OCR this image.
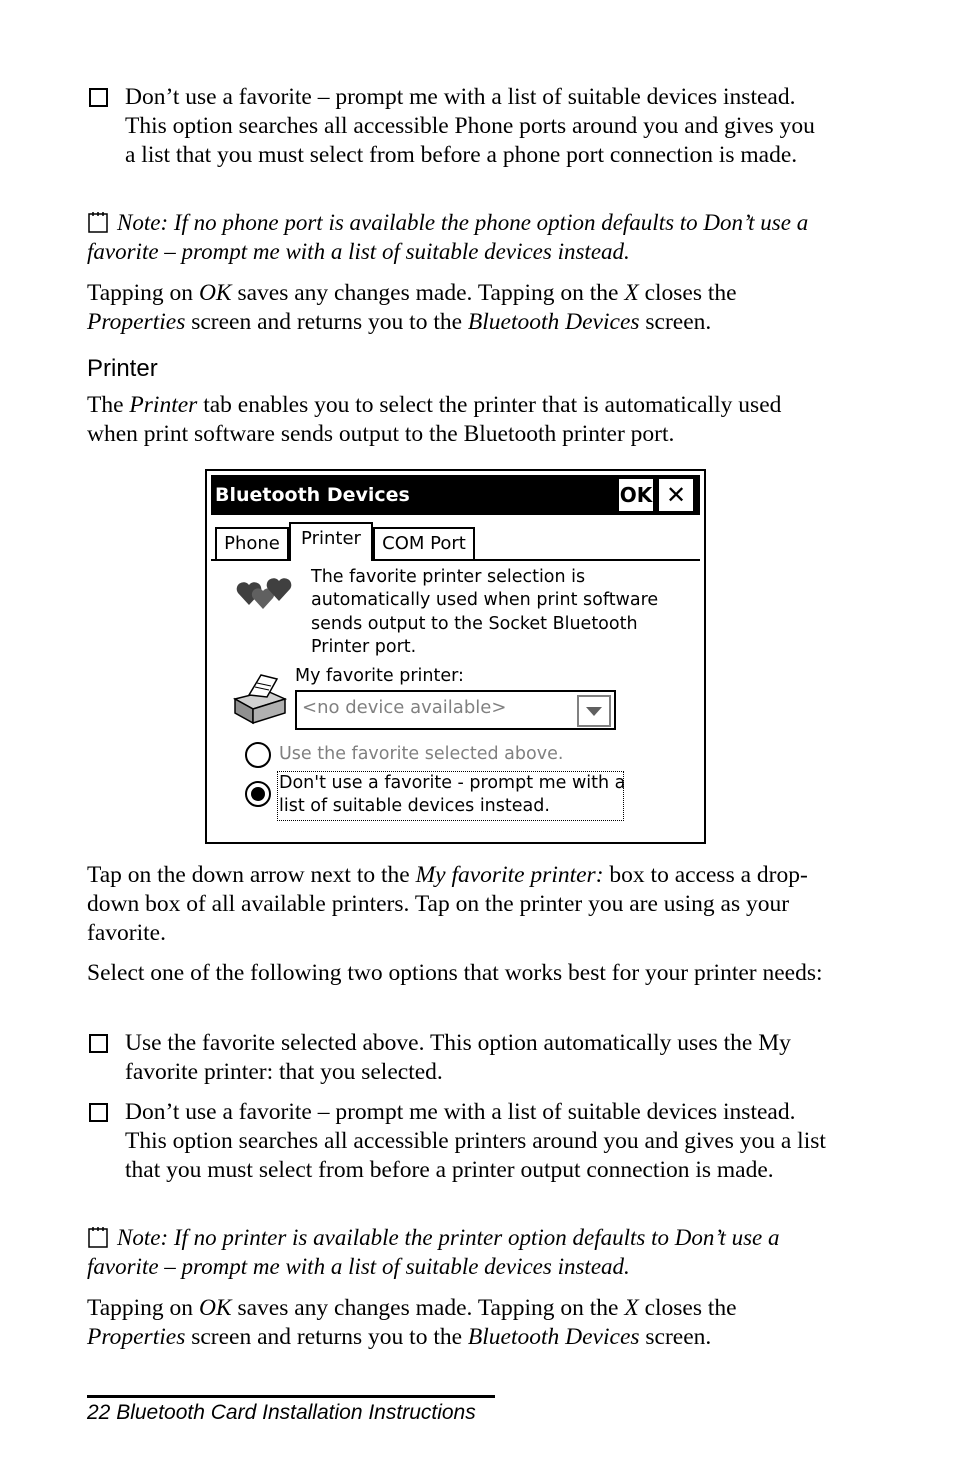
Don’t use a favorite – prompt me with a list of suitable devices instead. This option searches all accessible Phone ports around you and gives you a list that you must select from before a phone port connection is made.
Note: If no phone port is available the phone option defaults to Don’t use a favorite – prompt me with a list of suitable devices instead.

Tapping on OK saves any changes made. Tapping on the X closes the Properties screen and returns you to the Bluetooth Devices screen.

Printer

The Printer tab enables you to select the printer that is automatically used when print software sends output to the Bluetooth printer port.

Bluetooth Devices	OK ✕
Phone	Printer	COM Port
The favorite printer selection is
automatically used when print software
sends output to the Socket Bluetooth
Printer port.
My favorite printer:
<no device available>
Use the favorite selected above.
Don't use a favorite - prompt me with a
list of suitable devices instead.

Tap on the down arrow next to the My favorite printer: box to access a drop-down box of all available printers. Tap on the printer you are using as your favorite.

Select one of the following two options that works best for your printer needs:

Use the favorite selected above. This option automatically uses the My favorite printer: that you selected.
Don’t use a favorite – prompt me with a list of suitable devices instead. This option searches all accessible printers around you and gives you a list that you must select from before a printer output connection is made.
Note: If no printer is available the printer option defaults to Don’t use a favorite – prompt me with a list of suitable devices instead.

Tapping on OK saves any changes made. Tapping on the X closes the Properties screen and returns you to the Bluetooth Devices screen.

22 Bluetooth Card Installation Instructions
